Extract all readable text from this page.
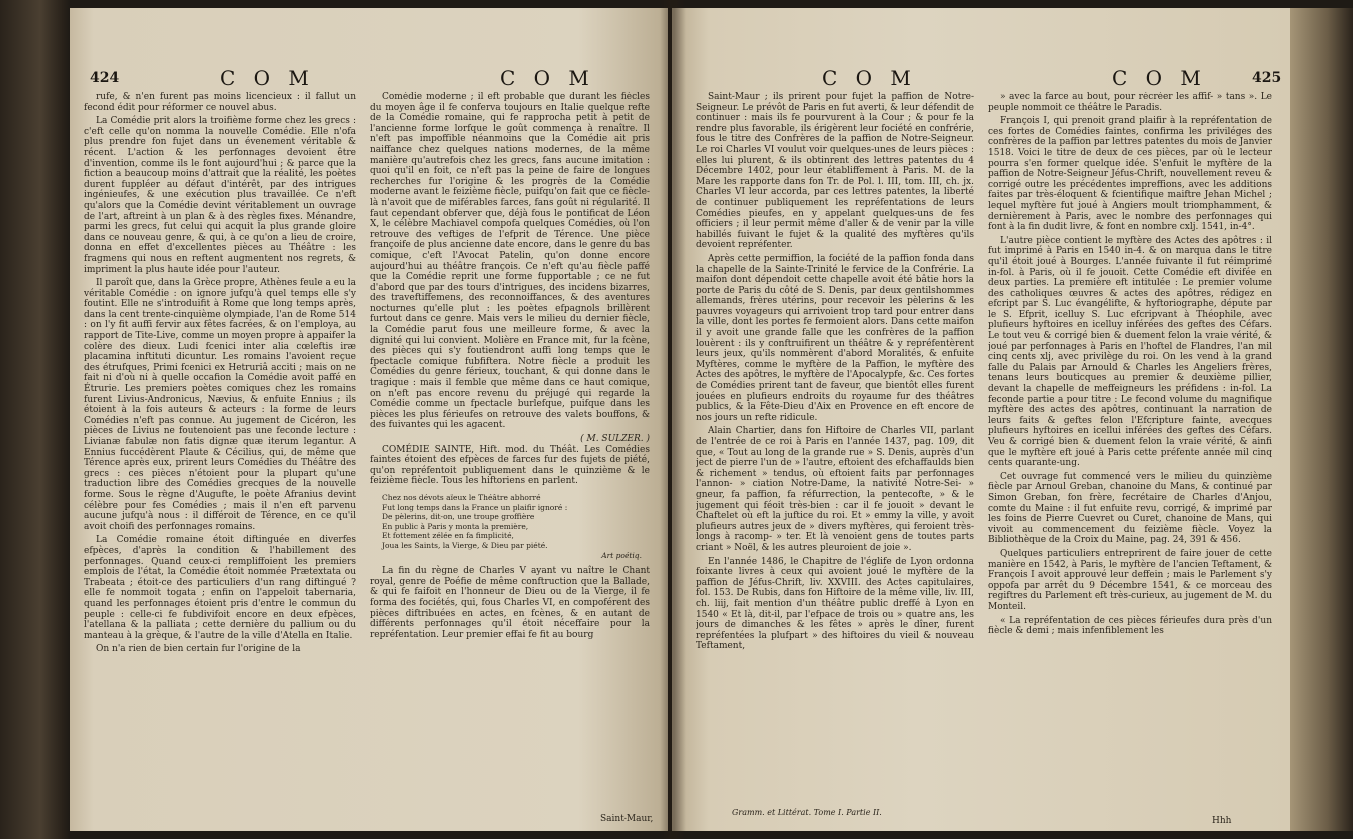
424	C O M	C O M

rufe, & n'en furent pas moins licencieux : il fallut un fecond édit pour réformer ce nouvel abus.

La Comédie prit alors la troifième forme chez les grecs : c'eft celle qu'on nomma la nouvelle Comédie. Elle n'ofa plus prendre fon fujet dans un évenement véritable & récent. L'action & les perfonnages devoient être d'invention, comme ils le font aujourd'hui ; & parce que la fiction a beaucoup moins d'attrait que la réalité, les poètes durent fuppléer au défaut d'intérêt, par des intrigues ingénieufes, & une exécution plus travaillée. Ce n'eft qu'alors que la Comédie devint véritablement un ouvrage de l'art, aftreint à un plan & à des règles fixes. Ménandre, parmi les grecs, fut celui qui acquit la plus grande gloire dans ce nouveau genre, & qui, à ce qu'on a lieu de croire, donna en effet d'excellentes pièces au Théâtre : les fragmens qui nous en reftent augmentent nos regrets, & impriment la plus haute idée pour l'auteur.

Il paroît que, dans la Grèce propre, Athènes feule a eu la véritable Comédie : on ignore jufqu'à quel temps elle s'y foutint. Elle ne s'introduifit à Rome que long temps après, dans la cent trente-cinquième olympiade, l'an de Rome 514 : on l'y fit auffi fervir aux fêtes facrées, & on l'employa, au rapport de Tite-Live, comme un moyen propre à appaifer la colère des dieux. Ludi fcenici inter alia cœleftis iræ placamina inftituti dicuntur. Les romains l'avoient reçue des étrufques, Primi fcenici ex Hetruriâ acciti ; mais on ne fait ni d'où ni à quelle occafion la Comédie avoit paffé en Étrurie. Les premiers poètes comiques chez les romains furent Livius-Andronicus, Nævius, & enfuite Ennius ; ils étoient à la fois auteurs & acteurs : la forme de leurs Comédies n'eft pas connue. Au jugement de Cicéron, les pièces de Livius ne foutenoient pas une feconde lecture : Livianæ fabulæ non fatis dignæ quæ iterum legantur. A Ennius fuccédèrent Plaute & Cécilius, qui, de même que Térence après eux, prirent leurs Comédies du Théâtre des grecs : ces pièces n'étoient pour la plupart qu'une traduction libre des Comédies grecques de la nouvelle forme. Sous le règne d'Augufte, le poète Afranius devint célèbre pour fes Comédies ; mais il n'en eft parvenu aucune jufqu'à nous : il différoit de Térence, en ce qu'il avoit choifi des perfonnages romains.

La Comédie romaine étoit diftinguée en diverfes efpèces, d'après la condition & l'habillement des perfonnages. Quand ceux-ci rempliffoient les premiers emplois de l'état, la Comédie étoit nommée Prætextata ou Trabeata ; étoit-ce des particuliers d'un rang diftingué ? elle fe nommoit togata ; enfin on l'appeloit tabernaria, quand les perfonnages étoient pris d'entre le commun du peuple : celle-ci fe fubdivifoit encore en deux efpèces, l'atellana & la palliata ; cette dernière du pallium ou du manteau à la grèque, & l'autre de la ville d'Atella en Italie.

On n'a rien de bien certain fur l'origine de la

Comédie moderne ; il eft probable que durant les fiècles du moyen âge il fe conferva toujours en Italie quelque refte de la Comédie romaine, qui fe rapprocha petit à petit de l'ancienne forme lorfque le goût commença à renaître. Il n'eft pas impoffible néanmoins que la Comédie ait pris naiffance chez quelques nations modernes, de la même manière qu'autrefois chez les grecs, fans aucune imitation : quoi qu'il en foit, ce n'eft pas la peine de faire de longues recherches fur l'origine & les progrès de la Comédie moderne avant le feizième fiècle, puifqu'on fait que ce fiècle-là n'avoit que de miférables farces, fans goût ni régularité. Il faut cependant obferver que, déjà fous le pontificat de Léon X, le célèbre Machiavel compofa quelques Comédies, où l'on retrouve des veftiges de l'efprit de Térence. Une pièce françoife de plus ancienne date encore, dans le genre du bas comique, c'eft l'Avocat Patelin, qu'on donne encore aujourd'hui au théâtre françois. Ce n'eft qu'au fiècle paffé que la Comédie reprit une forme fupportable ; ce ne fut d'abord que par des tours d'intrigues, des incidens bizarres, des traveftiffemens, des reconnoiffances, & des aventures nocturnes qu'elle plut : les poètes efpagnols brillèrent furtout dans ce genre. Mais vers le milieu du dernier fiècle, la Comédie parut fous une meilleure forme, & avec la dignité qui lui convient. Molière en France mit, fur la fcène, des pièces qui s'y foutiendront auffi long temps que le fpectacle comique fubfiftera. Notre fiècle a produit les Comédies du genre férieux, touchant, & qui donne dans le tragique : mais il femble que même dans ce haut comique, on n'eft pas encore revenu du préjugé qui regarde la Comédie comme un fpectacle burlefque, puifque dans les pièces les plus férieufes on retrouve des valets bouffons, & des fuivantes qui les agacent.

( M. SULZER. )

COMÉDIE SAINTE, Hift. mod. du Théât. Les Comédies faintes étoient des efpèces de farces fur des fujets de piété, qu'on repréfentoit publiquement dans le quinzième & le feizième fiècle. Tous les hiftoriens en parlent.

Chez nos dévots aïeux le Théâtre abhorré
Fut long temps dans la France un plaifir ignoré :
De pèlerins, dit-on, une troupe groffière
En public à Paris y monta la première,
Et fottement zélée en fa fimplicité,
Joua les Saints, la Vierge, & Dieu par piété.
Art poétiq.

La fin du règne de Charles V ayant vu naître le Chant royal, genre de Poéfie de même conftruction que la Ballade, & qui fe faifoit en l'honneur de Dieu ou de la Vierge, il fe forma des fociétés, qui, fous Charles VI, en compoférent des pièces diftribuées en actes, en fcènes, & en autant de différents perfonnages qu'il étoit néceffaire pour la repréfentation. Leur premier effai fe fit au bourg

Saint-Maur,
C O M	C O M	425

Saint-Maur ; ils prirent pour fujet la paffion de Notre-Seigneur. Le prévôt de Paris en fut averti, & leur défendit de continuer : mais ils fe pourvurent à la Cour ; & pour fe la rendre plus favorable, ils érigèrent leur fociété en confrérie, fous le titre des Confrères de la paffion de Notre-Seigneur. Le roi Charles VI voulut voir quelques-unes de leurs pièces : elles lui plurent, & ils obtinrent des lettres patentes du 4 Décembre 1402, pour leur établiffement à Paris. M. de la Mare les rapporte dans fon Tr. de Pol. l. III, tom. III, ch. jx. Charles VI leur accorda, par ces lettres patentes, la liberté de continuer publiquement les repréfentations de leurs Comédies pieufes, en y appelant quelques-uns de fes officiers ; il leur permit même d'aller & de venir par la ville habillés fuivant le fujet & la qualité des myftères qu'ils devoient repréfenter.

Après cette permiffion, la fociété de la paffion fonda dans la chapelle de la Sainte-Trinité le fervice de la Confrérie. La maifon dont dépendoit cette chapelle avoit été bâtie hors la porte de Paris du côté de S. Denis, par deux gentilshommes allemands, frères utérins, pour recevoir les pèlerins & les pauvres voyageurs qui arrivoient trop tard pour entrer dans la ville, dont les portes fe fermoient alors. Dans cette maifon il y avoit une grande falle que les confrères de la paffion louèrent : ils y conftruifirent un théâtre & y repréfentèrent leurs jeux, qu'ils nommèrent d'abord Moralités, & enfuite Myftères, comme le myftère de la Paffion, le myftère des Actes des apôtres, le myftère de l'Apocalypfe, &c. Ces fortes de Comédies prirent tant de faveur, que bientôt elles furent jouées en plufieurs endroits du royaume fur des théâtres publics, & la Fête-Dieu d'Aix en Provence en eft encore de nos jours un refte ridicule.

Alain Chartier, dans fon Hiftoire de Charles VII, parlant de l'entrée de ce roi à Paris en l'année 1437, pag. 109, dit que, « Tout au long de la grande rue » S. Denis, auprès d'un ject de pierre l'un de » l'autre, eftoient des efchaffaulds bien & richement » tendus, où eftoient faits par perfonnages l'annon- » ciation Notre-Dame, la nativité Notre-Sei- » gneur, fa paffion, fa réfurrection, la pentecofte, » & le jugement qui féoit très-bien : car il fe jouoit » devant le Chaftelet où eft la juftice du roi. Et » emmy la ville, y avoit plufieurs autres jeux de » divers myftères, qui feroient très-longs à racomp- » ter. Et là venoient gens de toutes parts criant » Noël, & les autres pleuroient de joie ».

En l'année 1486, le Chapitre de l'églife de Lyon ordonna foixante livres à ceux qui avoient joué le myftère de la paffion de Jéfus-Chrift, liv. XXVIII. des Actes capitulaires, fol. 153. De Rubis, dans fon Hiftoire de la même ville, liv. III, ch. liij, fait mention d'un théâtre public dreffé à Lyon en 1540 « Et là, dit-il, par l'efpace de trois ou » quatre ans, les jours de dimanches & les fêtes » après le dîner, furent repréfentées la plufpart » des hiftoires du vieil & nouveau Teftament,

Gramm. et Littérat. Tome I. Partie II.

» avec la farce au bout, pour récréer les affif- » tans ». Le peuple nommoit ce théâtre le Paradis.

François I, qui prenoit grand plaifir à la repréfentation de ces fortes de Comédies faintes, confirma les priviléges des confrères de la paffion par lettres patentes du mois de Janvier 1518. Voici le titre de deux de ces pièces, par où le lecteur pourra s'en former quelque idée. S'enfuit le myftère de la paffion de Notre-Seigneur Jéfus-Chrift, nouvellement reveu & corrigé outre les précédentes impreffions, avec les additions faites par très-éloquent & fcientifique maiftre Jehan Michel ; lequel myftère fut joué à Angiers moult triomphamment, & dernièrement à Paris, avec le nombre des perfonnages qui font à la fin dudit livre, & font en nombre cxlj. 1541, in-4°.

L'autre pièce contient le myftère des Actes des apôtres : il fut imprimé à Paris en 1540 in-4. & on marqua dans le titre qu'il étoit joué à Bourges. L'année fuivante il fut réimprimé in-fol. à Paris, où il fe jouoit. Cette Comédie eft divifée en deux parties. La première eft intitulée : Le premier volume des catholiques œuvres & actes des apôtres, rédigez en efcript par S. Luc évangélifte, & hyftoriographe, députe par le S. Efprit, icelluy S. Luc efcripvant à Théophile, avec plufieurs hyftoires en icelluy inférées des geftes des Céfars. Le tout veu & corrigé bien & duement felon la vraie vérité, & joué par perfonnages à Paris en l'hoftel de Flandres, l'an mil cinq cents xlj, avec privilège du roi. On les vend à la grand falle du Palais par Arnould & Charles les Angeliers frères, tenans leurs bouticques au premier & deuxième pillier, devant la chapelle de meffeigneurs les préfidens : in-fol. La feconde partie a pour titre : Le fecond volume du magnifique myftère des actes des apôtres, continuant la narration de leurs faits & geftes felon l'Efcripture fainte, avecques plufieurs hyftoires en icellui inférées des geftes des Céfars. Veu & corrigé bien & duement felon la vraie vérité, & ainfi que le myftère eft joué à Paris cette préfente année mil cinq cents quarante-ung.

Cet ouvrage fut commencé vers le milieu du quinzième fiècle par Arnoul Greban, chanoine du Mans, & continué par Simon Greban, fon frère, fecrétaire de Charles d'Anjou, comte du Maine : il fut enfuite revu, corrigé, & imprimé par les foins de Pierre Cuevret ou Curet, chanoine de Mans, qui vivoit au commencement du feizième fiècle. Voyez la Bibliothèque de la Croix du Maine, pag. 24, 391 & 456.

Quelques particuliers entreprirent de faire jouer de cette manière en 1542, à Paris, le myftère de l'ancien Teftament, & François I avoit approuvé leur deffein ; mais le Parlement s'y oppofa par arrêt du 9 Décembre 1541, & ce morceau des regiftres du Parlement eft très-curieux, au jugement de M. du Monteil.

« La repréfentation de ces pièces férieufes dura près d'un fiècle & demi ; mais infenfiblement les

Hhh
